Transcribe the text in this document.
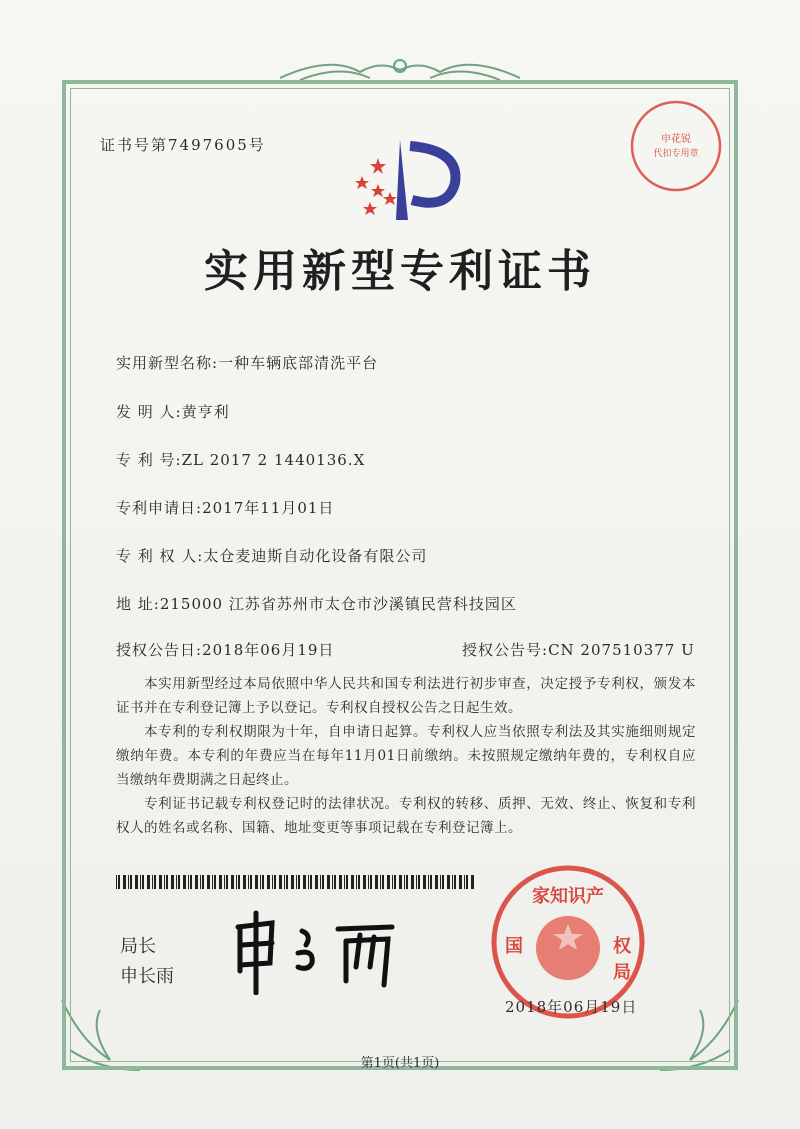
证书号第7497605号	申花锐
代扣专用章
实用新型专利证书
实用新型名称:一种车辆底部清洗平台
发 明 人:黄亨利
专 利 号:ZL 2017 2 1440136.X
专利申请日:2017年11月01日
专 利 权 人:太仓麦迪斯自动化设备有限公司
地 址:215000 江苏省苏州市太仓市沙溪镇民营科技园区
授权公告日:2018年06月19日	授权公告号:CN 207510377 U
本实用新型经过本局依照中华人民共和国专利法进行初步审查，决定授予专利权，颁发本证书并在专利登记簿上予以登记。专利权自授权公告之日起生效。
本专利的专利权期限为十年，自申请日起算。专利权人应当依照专利法及其实施细则规定缴纳年费。本专利的年费应当在每年11月01日前缴纳。未按照规定缴纳年费的，专利权自应当缴纳年费期满之日起终止。
专利证书记载专利权登记时的法律状况。专利权的转移、质押、无效、终止、恢复和专利权人的姓名或名称、国籍、地址变更等事项记载在专利登记簿上。
局长
申长雨
家知识产
国	权
局
2018年06月19日
第1页(共1页)
